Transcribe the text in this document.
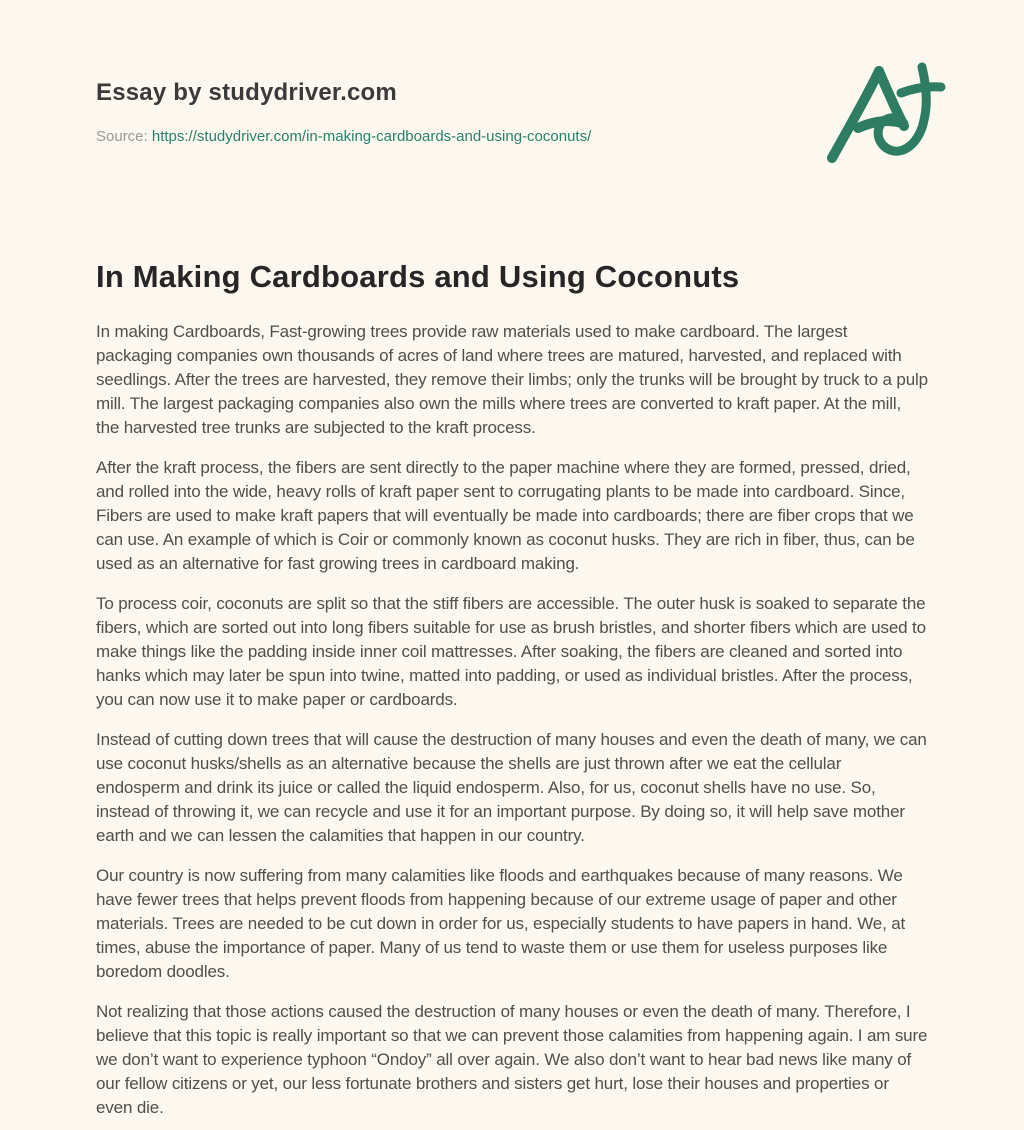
Essay by studydriver.com
Source: https://studydriver.com/in-making-cardboards-and-using-coconuts/
In Making Cardboards and Using Coconuts

In making Cardboards, Fast-growing trees provide raw materials used to make cardboard. The largest packaging companies own thousands of acres of land where trees are matured, harvested, and replaced with seedlings. After the trees are harvested, they remove their limbs; only the trunks will be brought by truck to a pulp mill. The largest packaging companies also own the mills where trees are converted to kraft paper. At the mill, the harvested tree trunks are subjected to the kraft process.

After the kraft process, the fibers are sent directly to the paper machine where they are formed, pressed, dried, and rolled into the wide, heavy rolls of kraft paper sent to corrugating plants to be made into cardboard. Since, Fibers are used to make kraft papers that will eventually be made into cardboards; there are fiber crops that we can use. An example of which is Coir or commonly known as coconut husks. They are rich in fiber, thus, can be used as an alternative for fast growing trees in cardboard making.

To process coir, coconuts are split so that the stiff fibers are accessible. The outer husk is soaked to separate the fibers, which are sorted out into long fibers suitable for use as brush bristles, and shorter fibers which are used to make things like the padding inside inner coil mattresses. After soaking, the fibers are cleaned and sorted into hanks which may later be spun into twine, matted into padding, or used as individual bristles. After the process, you can now use it to make paper or cardboards.

Instead of cutting down trees that will cause the destruction of many houses and even the death of many, we can use coconut husks/shells as an alternative because the shells are just thrown after we eat the cellular endosperm and drink its juice or called the liquid endosperm. Also, for us, coconut shells have no use. So, instead of throwing it, we can recycle and use it for an important purpose. By doing so, it will help save mother earth and we can lessen the calamities that happen in our country.

Our country is now suffering from many calamities like floods and earthquakes because of many reasons. We have fewer trees that helps prevent floods from happening because of our extreme usage of paper and other materials. Trees are needed to be cut down in order for us, especially students to have papers in hand. We, at times, abuse the importance of paper. Many of us tend to waste them or use them for useless purposes like boredom doodles.

Not realizing that those actions caused the destruction of many houses or even the death of many. Therefore, I believe that this topic is really important so that we can prevent those calamities from happening again. I am sure we don’t want to experience typhoon “Ondoy” all over again. We also don’t want to hear bad news like many of our fellow citizens or yet, our less fortunate brothers and sisters get hurt, lose their houses and properties or even die.
